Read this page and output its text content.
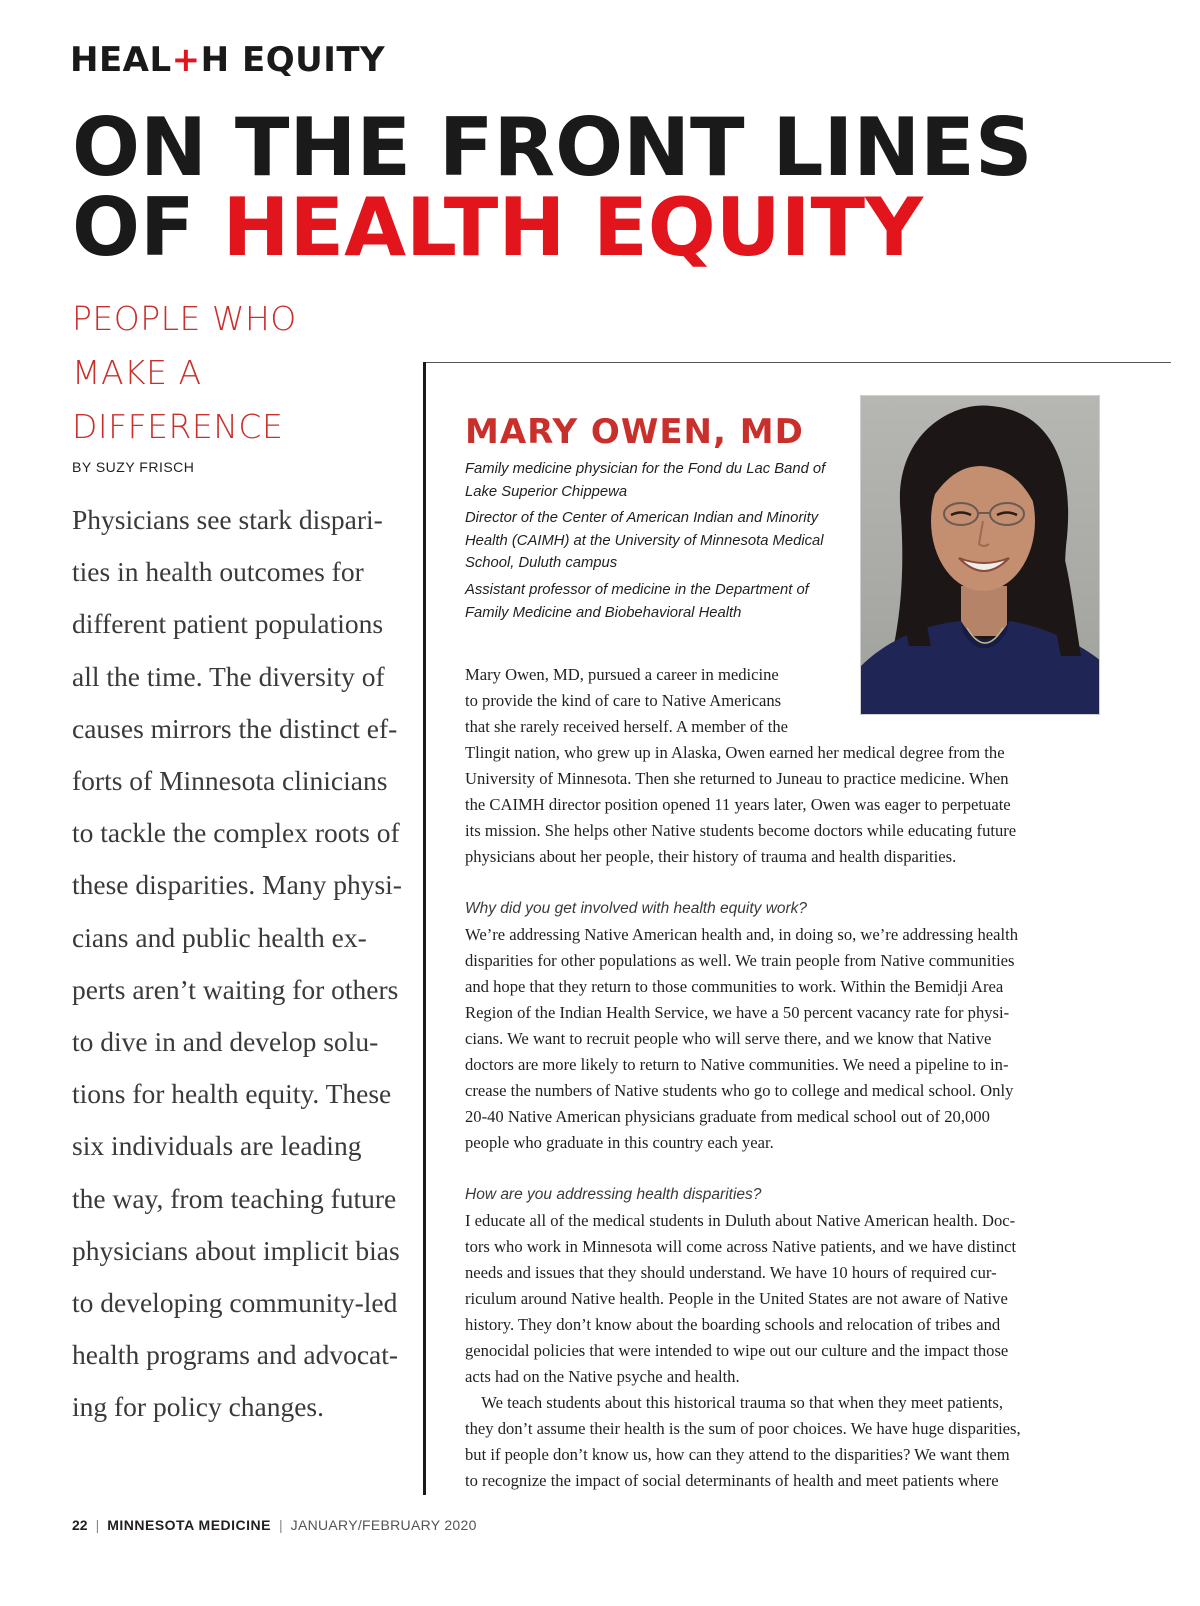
HEAL+H EQUITY
ON THE FRONT LINES
OF HEALTH EQUITY
PEOPLE WHO
MAKE A
DIFFERENCE
BY SUZY FRISCH
Physicians see stark dispari-
ties in health outcomes for
different patient populations
all the time. The diversity of
causes mirrors the distinct ef-
forts of Minnesota clinicians
to tackle the complex roots of
these disparities. Many physi-
cians and public health ex-
perts aren’t waiting for others
to dive in and develop solu-
tions for health equity. These
six individuals are leading
the way, from teaching future
physicians about implicit bias
to developing community-led
health programs and advocat-
ing for policy changes.
MARY OWEN, MD
Family medicine physician for the Fond du Lac Band of
Lake Superior Chippewa
Director of the Center of American Indian and Minority
Health (CAIMH) at the University of Minnesota Medical
School, Duluth campus
Assistant professor of medicine in the Department of
Family Medicine and Biobehavioral Health
Mary Owen, MD, pursued a career in medicine
to provide the kind of care to Native Americans
that she rarely received herself. A member of the
Tlingit nation, who grew up in Alaska, Owen earned her medical degree from the
University of Minnesota. Then she returned to Juneau to practice medicine. When
the CAIMH director position opened 11 years later, Owen was eager to perpetuate
its mission. She helps other Native students become doctors while educating future
physicians about her people, their history of trauma and health disparities.
Why did you get involved with health equity work?
We’re addressing Native American health and, in doing so, we’re addressing health
disparities for other populations as well. We train people from Native communities
and hope that they return to those communities to work. Within the Bemidji Area
Region of the Indian Health Service, we have a 50 percent vacancy rate for physi-
cians. We want to recruit people who will serve there, and we know that Native
doctors are more likely to return to Native communities. We need a pipeline to in-
crease the numbers of Native students who go to college and medical school. Only
20-40 Native American physicians graduate from medical school out of 20,000
people who graduate in this country each year.
How are you addressing health disparities?
I educate all of the medical students in Duluth about Native American health. Doc-
tors who work in Minnesota will come across Native patients, and we have distinct
needs and issues that they should understand. We have 10 hours of required cur-
riculum around Native health. People in the United States are not aware of Native
history. They don’t know about the boarding schools and relocation of tribes and
genocidal policies that were intended to wipe out our culture and the impact those
acts had on the Native psyche and health.
We teach students about this historical trauma so that when they meet patients,
they don’t assume their health is the sum of poor choices. We have huge disparities,
but if people don’t know us, how can they attend to the disparities? We want them
to recognize the impact of social determinants of health and meet patients where
22 | MINNESOTA MEDICINE | JANUARY/FEBRUARY 2020
